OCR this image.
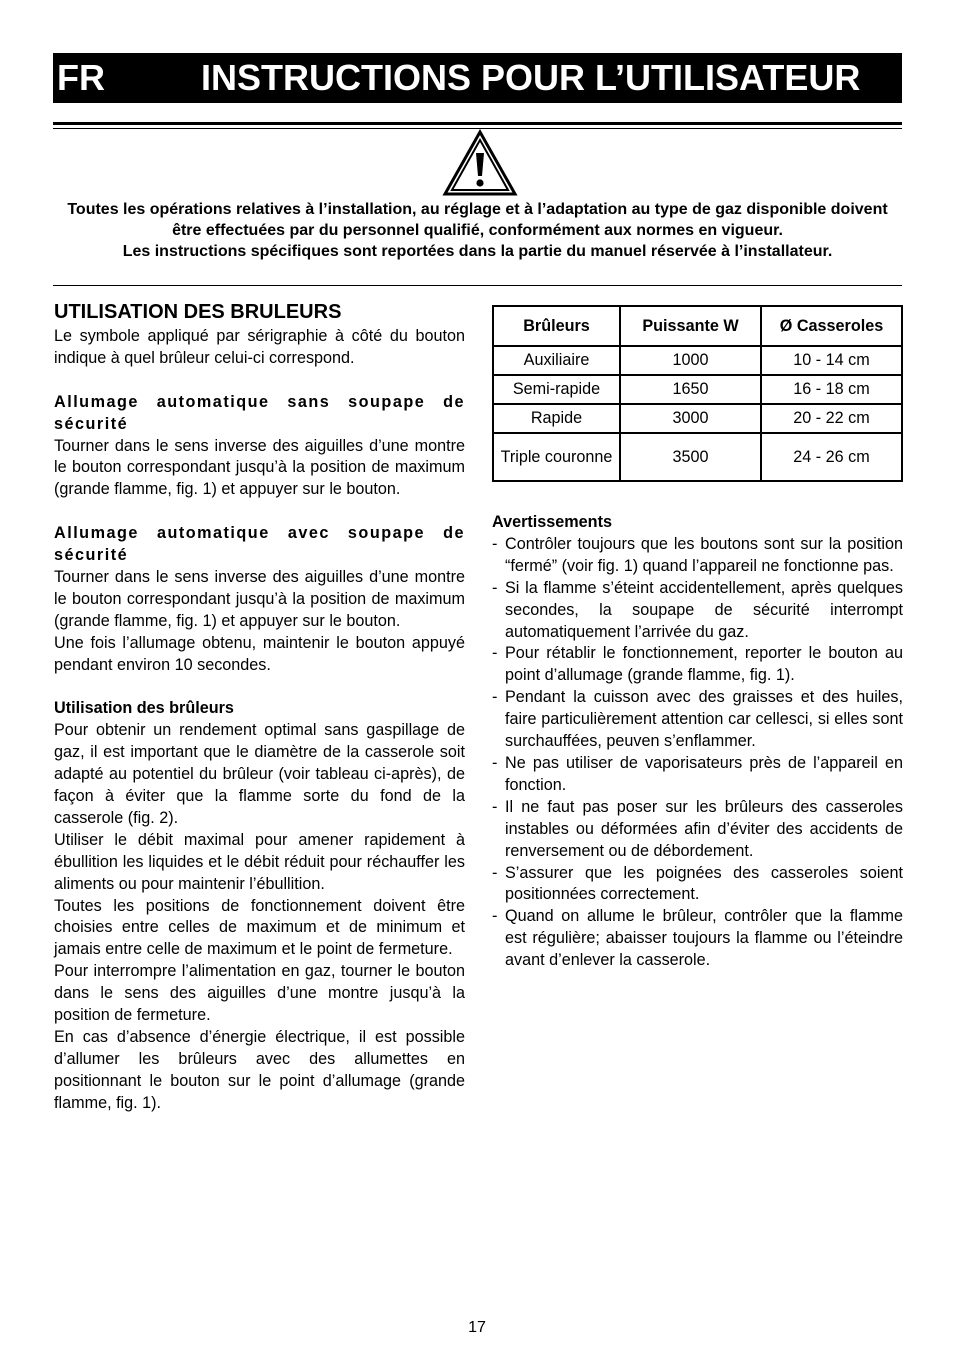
FR	INSTRUCTIONS POUR L’UTILISATEUR

Toutes les opérations relatives à l’installation, au réglage et à l’adaptation au type de gaz disponible doivent être effectuées par du personnel qualifié, conformément aux normes en vigueur.

Les instructions spécifiques sont reportées dans la partie du manuel réservée à l’installateur.

UTILISATION DES BRULEURS

Le symbole appliqué par sérigraphie à côté du bouton indique à quel brûleur celui-ci correspond.

Allumage automatique sans soupape de sécurité

Tourner dans le sens inverse des aiguilles d’une montre le bouton correspondant jusqu’à la position de maximum (grande flamme, fig. 1) et appuyer sur le bouton.

Allumage automatique avec soupape de sécurité

Tourner dans le sens inverse des aiguilles d’une montre le bouton correspondant jusqu’à la position de maximum (grande flamme, fig. 1) et appuyer sur le bouton.

Une fois l’allumage obtenu, maintenir le bouton appuyé pendant environ 10 secondes.

Utilisation des brûleurs

Pour obtenir un rendement optimal sans gaspillage de gaz, il est important que le diamètre de la casserole soit adapté au potentiel du brûleur (voir tableau ci-après), de façon à éviter que la flamme sorte du fond de la casserole (fig. 2).

Utiliser le débit maximal pour amener rapidement à ébullition les liquides et le débit réduit pour réchauffer les aliments ou pour maintenir l’ébullition.

Toutes les positions de fonctionnement doivent être choisies entre celles de maximum et de minimum et jamais entre celle de maximum et le point de fermeture.

Pour interrompre l’alimentation en gaz, tourner le bouton dans le sens des aiguilles d’une montre jusqu’à la position de fermeture.

En cas d’absence d’énergie électrique, il est possible d’allumer les brûleurs avec des allumettes en positionnant le bouton sur le point d’allumage (grande flamme, fig. 1).

Brûleurs	Puissante W	Ø Casseroles
Auxiliaire	1000	10 - 14 cm
Semi-rapide	1650	16 - 18 cm
Rapide	3000	20 - 22 cm
Triple couronne	3500	24 - 26 cm

Avertissements

- Contrôler toujours que les boutons sont sur la position “fermé” (voir fig. 1) quand l’appareil ne fonctionne pas.
- Si la flamme s’éteint accidentellement, après quelques secondes, la soupape de sécurité interrompt automatiquement l’arrivée du gaz.
- Pour rétablir le fonctionnement, reporter le bouton au point d’allumage (grande flamme, fig. 1).
- Pendant la cuisson avec des graisses et des huiles, faire particulièrement attention car cellesci, si elles sont surchauffées, peuven s’enflammer.
- Ne pas utiliser de vaporisateurs près de l’appareil en fonction.
- Il ne faut pas poser sur les brûleurs des casseroles instables ou déformées afin d’éviter des accidents de renversement ou de débordement.
- S’assurer que les poignées des casseroles soient positionnées correctement.
- Quand on allume le brûleur, contrôler que la flamme est régulière; abaisser toujours la flamme ou l’éteindre avant d’enlever la casserole.
17
